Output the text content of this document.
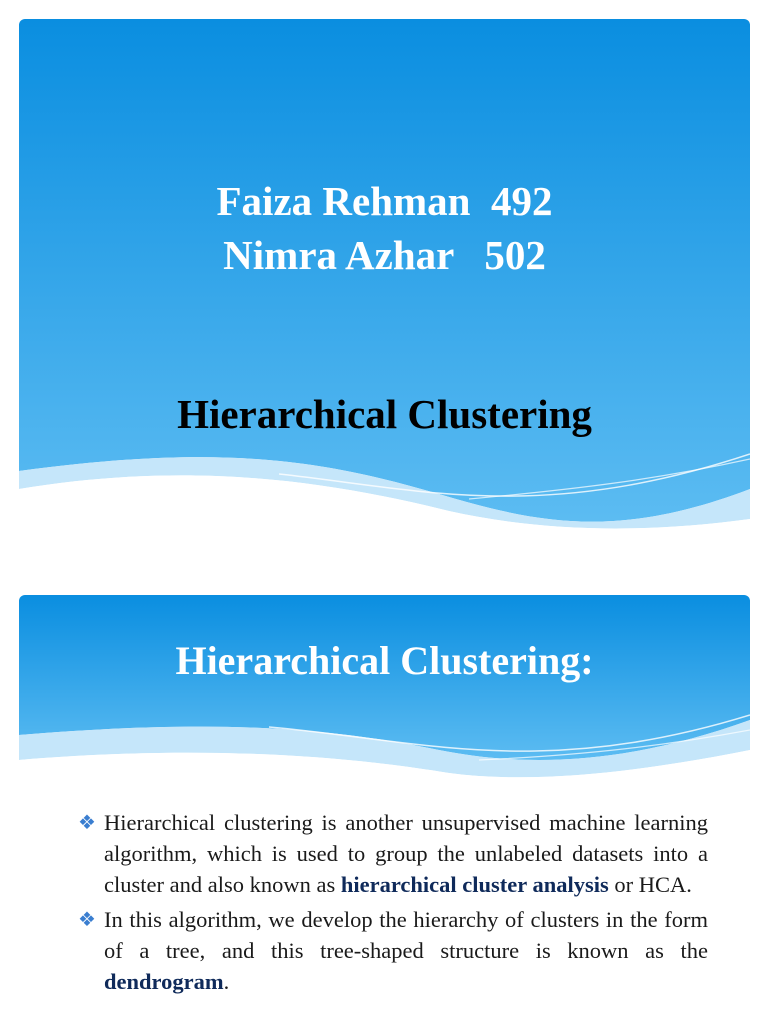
Faiza Rehman 492
Nimra Azhar 502
Hierarchical Clustering
Hierarchical Clustering:
❖ Hierarchical clustering is another unsupervised machine learning algorithm, which is used to group the unlabeled datasets into a cluster and also known as hierarchical cluster analysis or HCA.
❖ In this algorithm, we develop the hierarchy of clusters in the form of a tree, and this tree-shaped structure is known as the dendrogram.
